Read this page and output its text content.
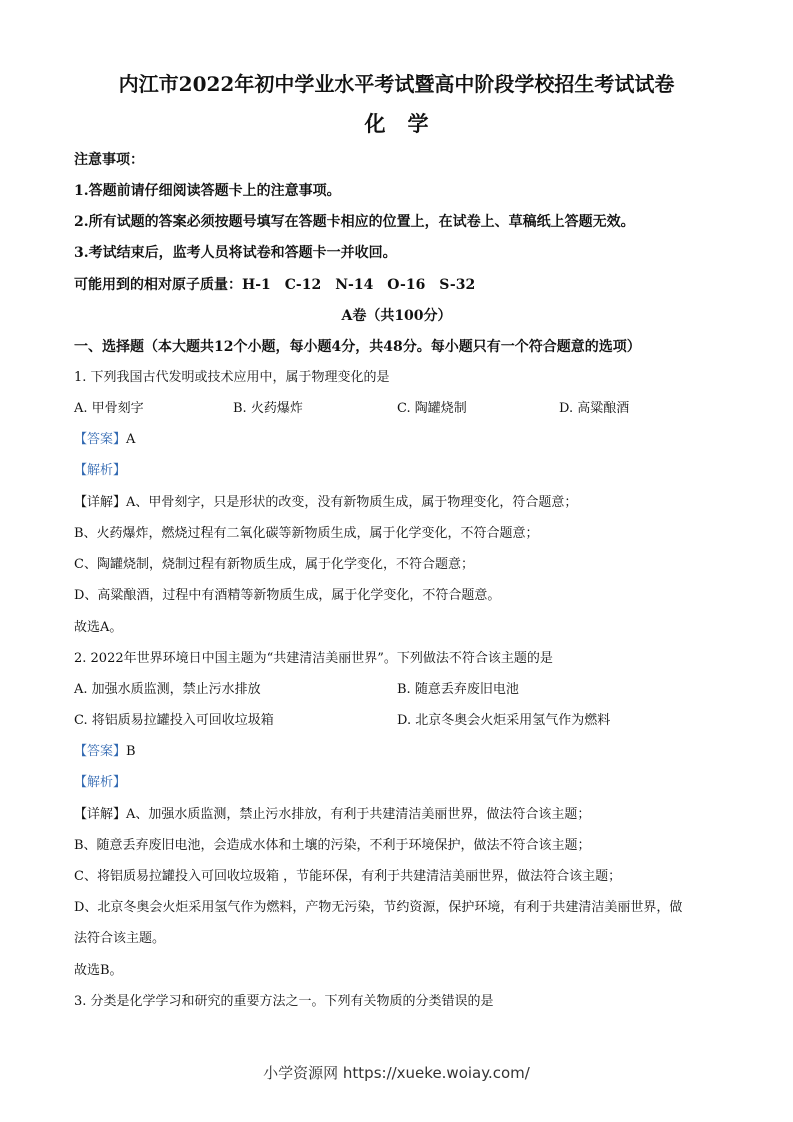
内江市2022年初中学业水平考试暨高中阶段学校招生考试试卷
化学
注意事项：
1.答题前请仔细阅读答题卡上的注意事项。
2.所有试题的答案必须按题号填写在答题卡相应的位置上，在试卷上、草稿纸上答题无效。
3.考试结束后，监考人员将试卷和答题卡一并收回。
可能用到的相对原子质量：H-1　C-12　N-14　O-16　S-32
A卷（共100分）
一、选择题（本大题共12个小题，每小题4分，共48分。每小题只有一个符合题意的选项）
1. 下列我国古代发明或技术应用中，属于物理变化的是
A. 甲骨刻字	B. 火药爆炸	C. 陶罐烧制	D. 高粱酿酒
【答案】A
【解析】
【详解】A、甲骨刻字，只是形状的改变，没有新物质生成，属于物理变化，符合题意；
B、火药爆炸，燃烧过程有二氧化碳等新物质生成，属于化学变化，不符合题意；
C、陶罐烧制，烧制过程有新物质生成，属于化学变化，不符合题意；
D、高粱酿酒，过程中有酒精等新物质生成，属于化学变化，不符合题意。
故选A。
2. 2022年世界环境日中国主题为“共建清洁美丽世界”。下列做法不符合该主题的是
A. 加强水质监测，禁止污水排放	B. 随意丢弃废旧电池
C. 将铝质易拉罐投入可回收垃圾箱	D. 北京冬奥会火炬采用氢气作为燃料
【答案】B
【解析】
【详解】A、加强水质监测，禁止污水排放，有利于共建清洁美丽世界，做法符合该主题；
B、随意丢弃废旧电池，会造成水体和土壤的污染，不利于环境保护，做法不符合该主题；
C、将铝质易拉罐投入可回收垃圾箱 ，节能环保，有利于共建清洁美丽世界，做法符合该主题；
D、北京冬奥会火炬采用氢气作为燃料，产物无污染，节约资源，保护环境，有利于共建清洁美丽世界，做
法符合该主题。
故选B。
3. 分类是化学学习和研究的重要方法之一。下列有关物质的分类错误的是
小学资源网 https://xueke.woiay.com/
